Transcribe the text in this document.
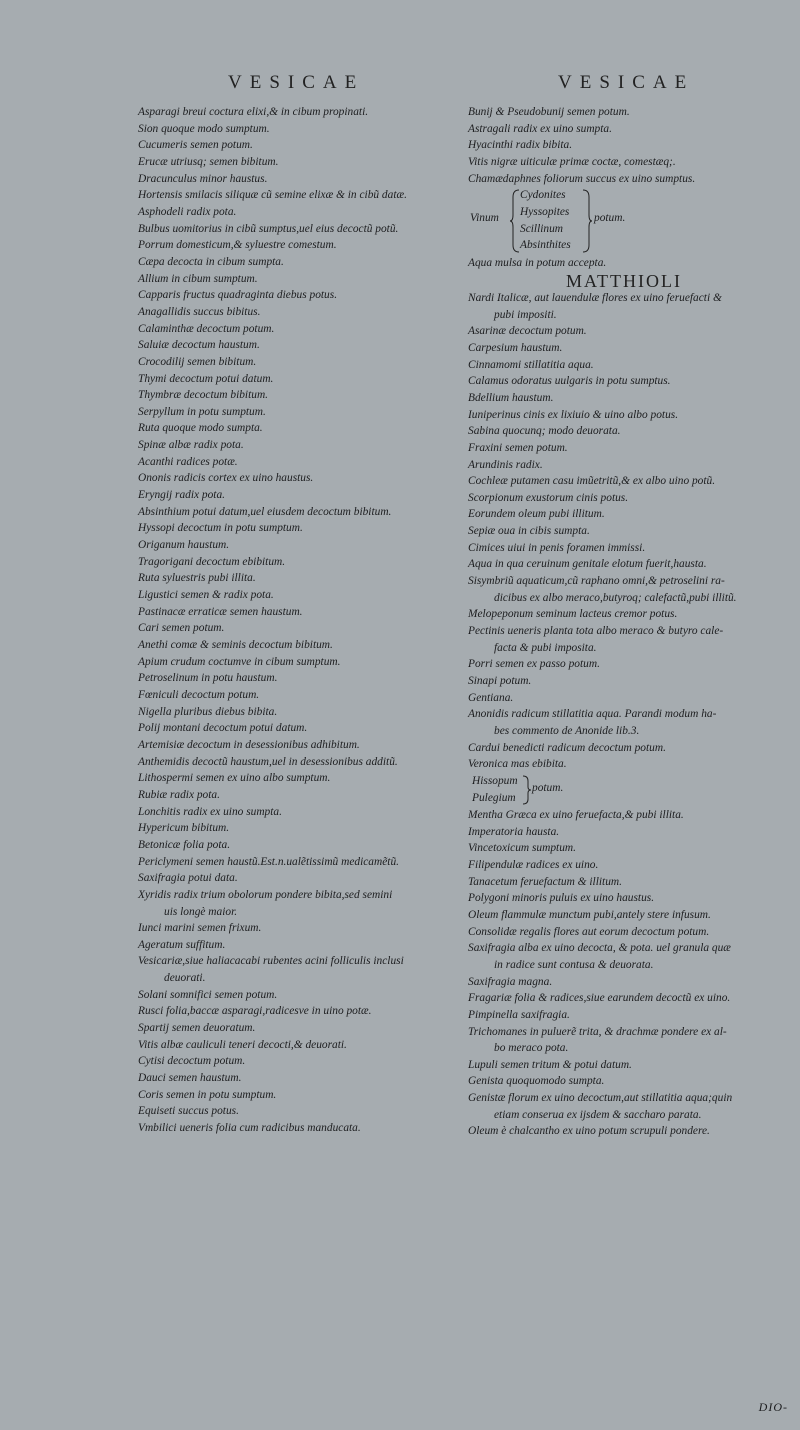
VESICAE	VESICAE
Asparagi breui coctura elixi,& in cibum propinati.
Sion quoque modo sumptum.
Cucumeris semen potum.
Erucæ utriusq; semen bibitum.
Dracunculus minor haustus.
Hortensis smilacis siliquæ cũ semine elixæ & in cibũ datæ.
Asphodeli radix pota.
Bulbus uomitorius in cibũ sumptus,uel eius decoctũ potũ.
Porrum domesticum,& syluestre comestum.
Cæpa decocta in cibum sumpta.
Allium in cibum sumptum.
Capparis fructus quadraginta diebus potus.
Anagallidis succus bibitus.
Calaminthæ decoctum potum.
Saluiæ decoctum haustum.
Crocodilij semen bibitum.
Thymi decoctum potui datum.
Thymbræ decoctum bibitum.
Serpyllum in potu sumptum.
Ruta quoque modo sumpta.
Spinæ albæ radix pota.
Acanthi radices potæ.
Ononis radicis cortex ex uino haustus.
Eryngij radix pota.
Absinthium potui datum,uel eiusdem decoctum bibitum.
Hyssopi decoctum in potu sumptum.
Origanum haustum.
Tragorigani decoctum ebibitum.
Ruta syluestris pubi illita.
Ligustici semen & radix pota.
Pastinacæ erraticæ semen haustum.
Cari semen potum.
Anethi comæ & seminis decoctum bibitum.
Apium crudum coctumve in cibum sumptum.
Petroselinum in potu haustum.
Fœniculi decoctum potum.
Nigella pluribus diebus bibita.
Polij montani decoctum potui datum.
Artemisiæ decoctum in desessionibus adhibitum.
Anthemidis decoctũ haustum,uel in desessionibus additũ.
Lithospermi semen ex uino albo sumptum.
Rubiæ radix pota.
Lonchitis radix ex uino sumpta.
Hypericum bibitum.
Betonicæ folia pota.
Periclymeni semen haustũ.Est.n.ualẽtissimũ medicamẽtũ.
Saxifragia potui data.
Xyridis radix trium obolorum pondere bibita,sed semini
uis longè maior.
Iunci marini semen frixum.
Ageratum suffitum.
Vesicariæ,siue haliacacabi rubentes acini folliculis inclusi
deuorati.
Solani somnifici semen potum.
Rusci folia,baccæ asparagi,radicesve in uino potæ.
Spartij semen deuoratum.
Vitis albæ cauliculi teneri decocti,& deuorati.
Cytisi decoctum potum.
Dauci semen haustum.
Coris semen in potu sumptum.
Equiseti succus potus.
Vmbilici ueneris folia cum radicibus manducata.
Bunij & Pseudobunij semen potum.
Astragali radix ex uino sumpta.
Hyacinthi radix bibita.
Vitis nigræ uiticulæ primæ coctæ, comestæq;.
Chamædaphnes foliorum succus ex uino sumptus.
Vinum
Cydonites
Hyssopites
Scillinum
Absinthites
potum.
Aqua mulsa in potum accepta.
MATTHIOLI
Nardi Italicæ, aut lauendulæ flores ex uino feruefacti &
pubi impositi.
Asarinæ decoctum potum.
Carpesium haustum.
Cinnamomi stillatitia aqua.
Calamus odoratus uulgaris in potu sumptus.
Bdellium haustum.
Iuniperinus cinis ex lixiuio & uino albo potus.
Sabina quocunq; modo deuorata.
Fraxini semen potum.
Arundinis radix.
Cochleæ putamen casu imũetritũ,& ex albo uino potũ.
Scorpionum exustorum cinis potus.
Eorundem oleum pubi illitum.
Sepiæ oua in cibis sumpta.
Cimices uiui in penis foramen immissi.
Aqua in qua ceruinum genitale elotum fuerit,hausta.
Sisymbriũ aquaticum,cũ raphano omni,& petroselini ra-
dicibus ex albo meraco,butyroq; calefactũ,pubi illitũ.
Melopeponum seminum lacteus cremor potus.
Pectinis ueneris planta tota albo meraco & butyro cale-
facta & pubi imposita.
Porri semen ex passo potum.
Sinapi potum.
Gentiana.
Anonidis radicum stillatitia aqua. Parandi modum ha-
bes commento de Anonide lib.3.
Cardui benedicti radicum decoctum potum.
Veronica mas ebibita.
Hissopum
Pulegium
potum.
Mentha Græca ex uino feruefacta,& pubi illita.
Imperatoria hausta.
Vincetoxicum sumptum.
Filipendulæ radices ex uino.
Tanacetum feruefactum & illitum.
Polygoni minoris puluis ex uino haustus.
Oleum flammulæ munctum pubi,antely stere infusum.
Consolidæ regalis flores aut eorum decoctum potum.
Saxifragia alba ex uino decocta, & pota. uel granula quæ
in radice sunt contusa & deuorata.
Saxifragia magna.
Fragariæ folia & radices,siue earundem decoctũ ex uino.
Pimpinella saxifragia.
Trichomanes in puluerẽ trita, & drachmæ pondere ex al-
bo meraco pota.
Lupuli semen tritum & potui datum.
Genista quoquomodo sumpta.
Genistæ florum ex uino decoctum,aut stillatitia aqua;quin
etiam conserua ex ijsdem & saccharo parata.
Oleum è chalcantho ex uino potum scrupuli pondere.
DIO-
